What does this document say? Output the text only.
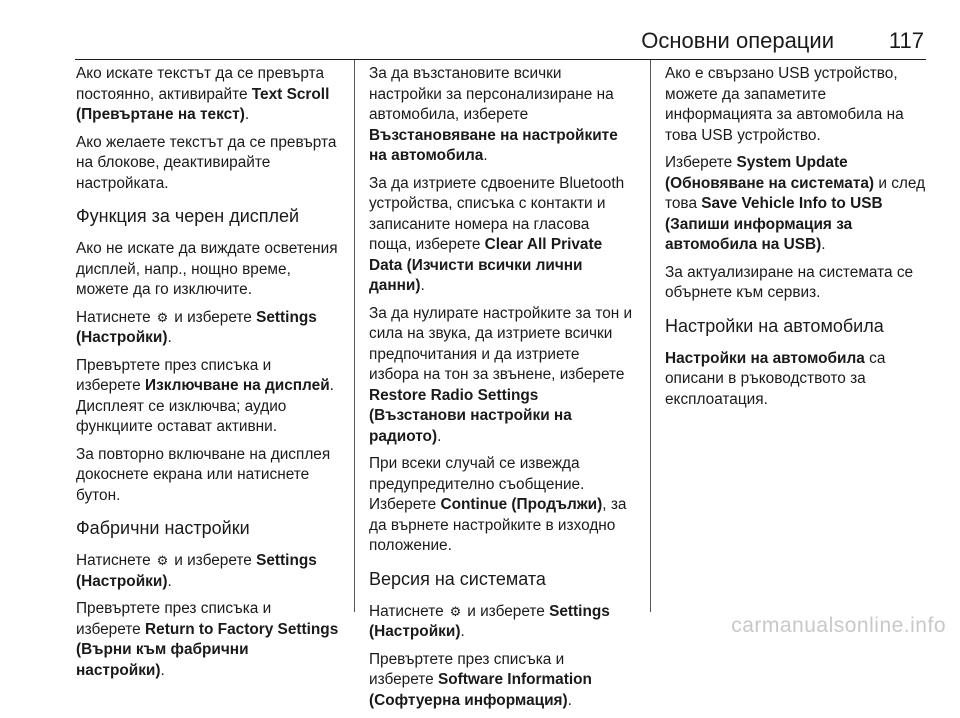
Основни операции 117

Ако искате текстът да се превърта постоянно, активирайте Text Scroll (Превъртане на текст).

Ако желаете текстът да се превърта на блокове, деактивирайте настройката.

Функция за черен дисплей

Ако не искате да виждате осветения дисплей, напр., нощно време, можете да го изключите.

Натиснете ⚙ и изберете Settings (Настройки).

Превъртете през списъка и изберете Изключване на дисплей. Дисплеят се изключва; аудио функциите остават активни.

За повторно включване на дисплея докоснете екрана или натиснете бутон.

Фабрични настройки

Натиснете ⚙ и изберете Settings (Настройки).

Превъртете през списъка и изберете Return to Factory Settings (Върни към фабрични настройки).

За да възстановите всички настройки за персонализиране на автомобила, изберете Възстановяване на настройките на автомобила.

За да изтриете сдвоените Bluetooth устройства, списъка с контакти и записаните номера на гласова поща, изберете Clear All Private Data (Изчисти всички лични данни).

За да нулирате настройките за тон и сила на звука, да изтриете всички предпочитания и да изтриете избора на тон за звънене, изберете Restore Radio Settings (Възстанови настройки на радиото).

При всеки случай се извежда предупредително съобщение. Изберете Continue (Продължи), за да върнете настройките в изходно положение.

Версия на системата

Натиснете ⚙ и изберете Settings (Настройки).

Превъртете през списъка и изберете Software Information (Софтуерна информация).

Ако е свързано USB устройство, можете да запаметите информацията за автомобила на това USB устройство.

Изберете System Update (Обновяване на системата) и след това Save Vehicle Info to USB (Запиши информация за автомобила на USB).

За актуализиране на системата се обърнете към сервиз.

Настройки на автомобила

Настройки на автомобила са описани в ръководството за експлоатация.

carmanualsonline.info
